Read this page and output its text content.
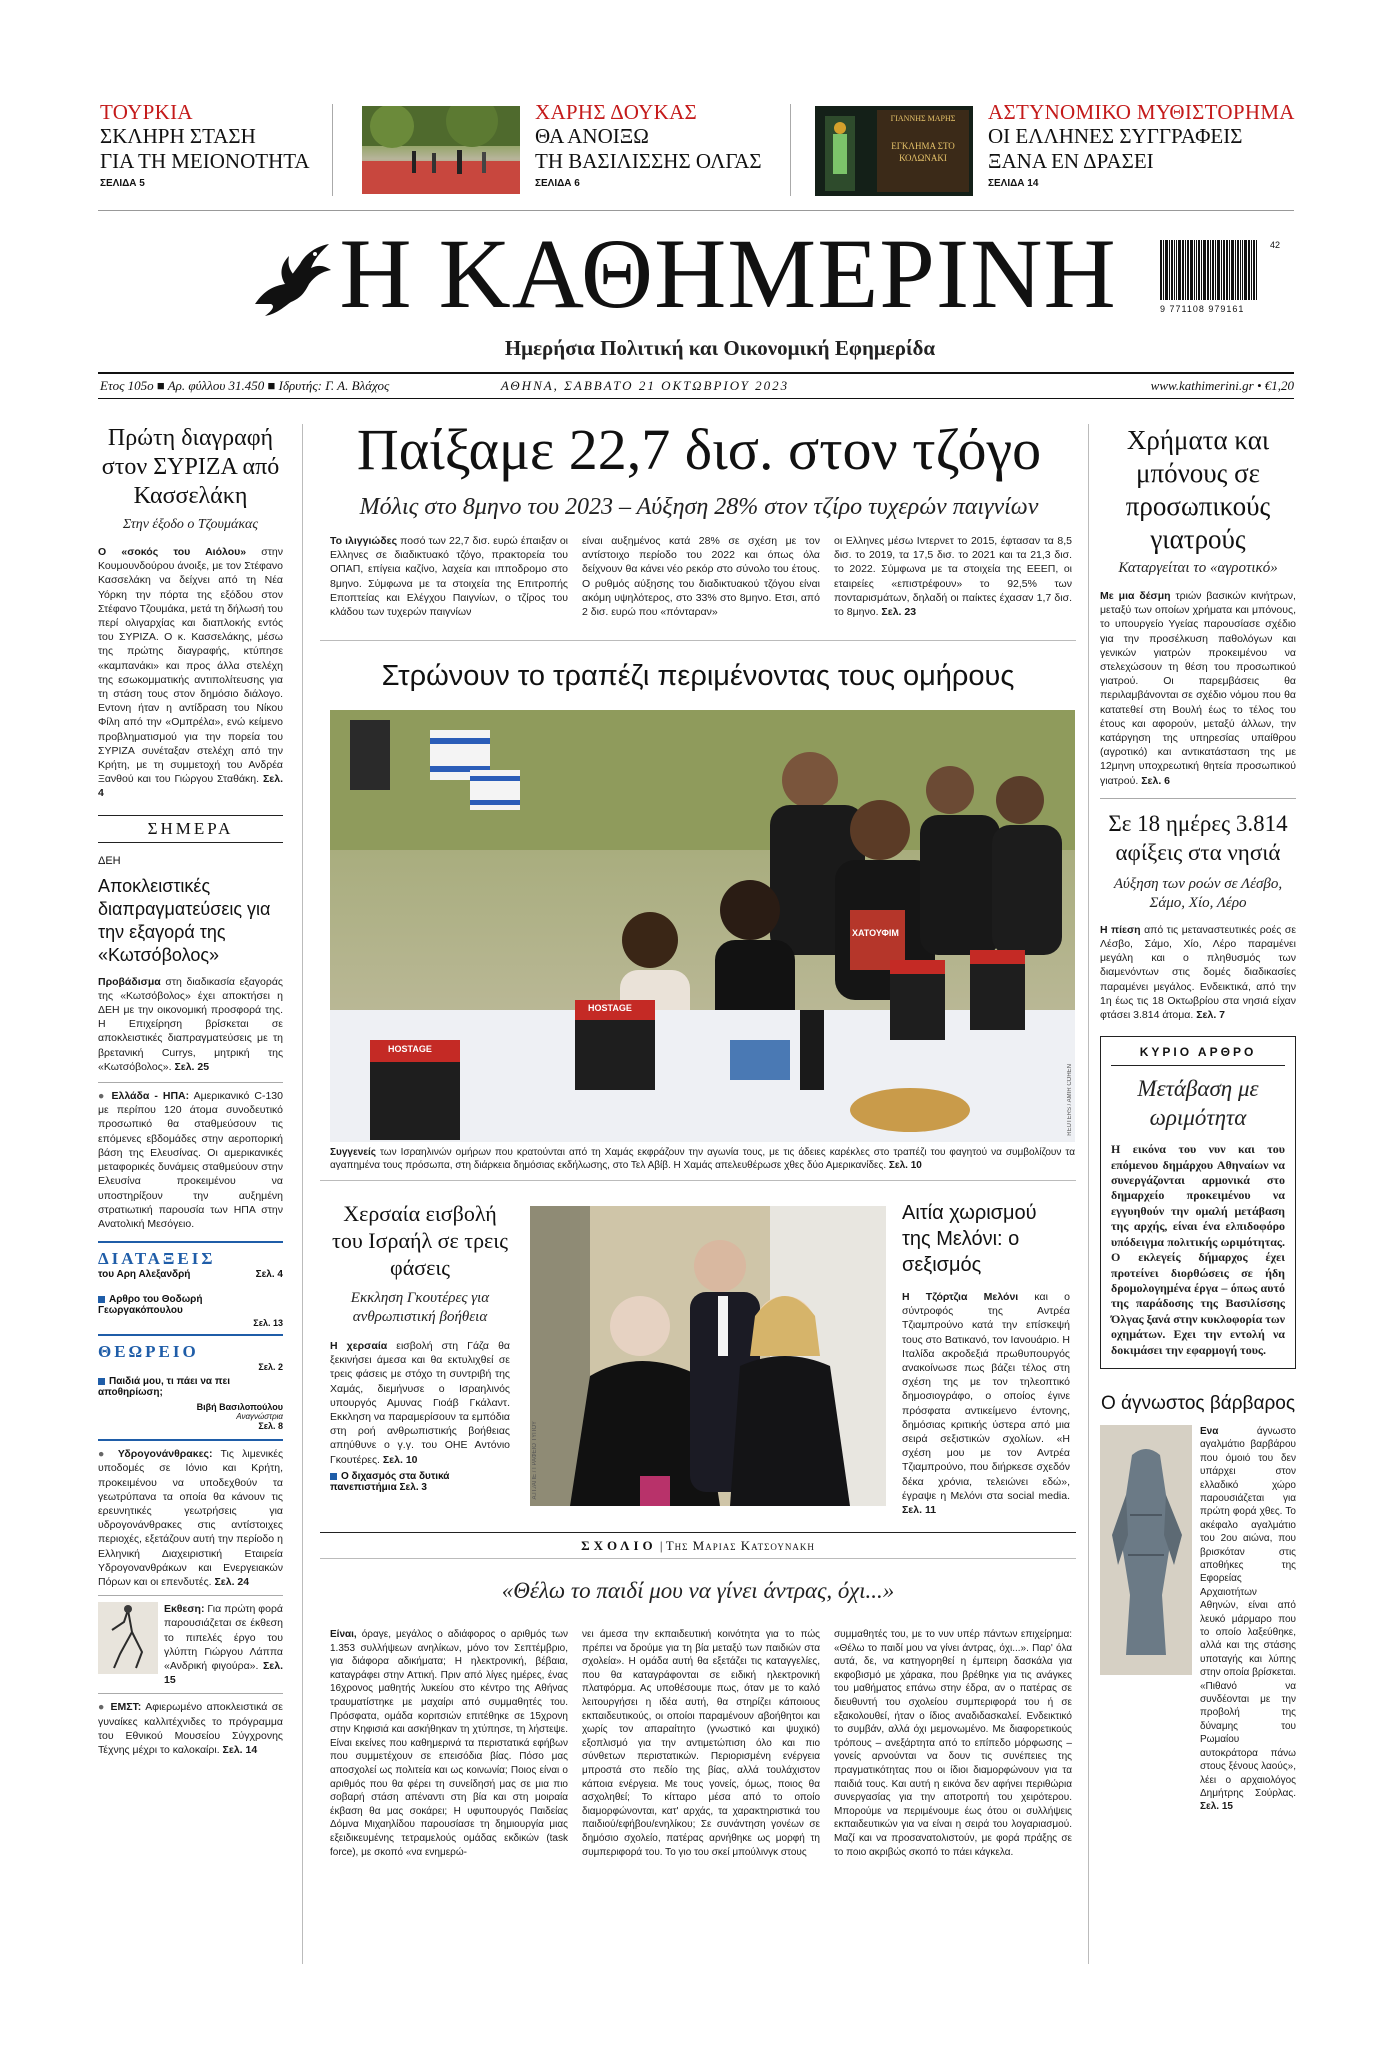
ΤΟΥΡΚΙΑ
ΣΚΛΗΡΗ ΣΤΑΣΗ
ΓΙΑ ΤΗ ΜΕΙΟΝΟΤΗΤΑ
ΣΕΛΙΔΑ 5
ΧΑΡΗΣ ΔΟΥΚΑΣ
ΘΑ ΑΝΟΙΞΩ
ΤΗ ΒΑΣΙΛΙΣΣΗΣ ΟΛΓΑΣ
ΣΕΛΙΔΑ 6
ΓΙΑΝΝΗΣ ΜΑΡΗΣ
ΕΓΚΛΗΜΑ ΣΤΟ ΚΟΛΩΝΑΚΙ
ΑΣΤΥΝΟΜΙΚΟ ΜΥΘΙΣΤΟΡΗΜΑ
ΟΙ ΕΛΛΗΝΕΣ ΣΥΓΓΡΑΦΕΙΣ
ΞΑΝΑ ΕΝ ΔΡΑΣΕΙ
ΣΕΛΙΔΑ 14
Η ΚΑΘΗΜΕΡΙΝΗ
Ημερήσια Πολιτική και Οικονομική Εφημερίδα
42
9 771108 979161
Ετος 105ο ■ Αρ. φύλλου 31.450 ■ Ιδρυτής: Γ. Α. Βλάχος	ΑΘΗΝΑ, ΣΑΒΒΑΤΟ 21 ΟΚΤΩΒΡΙΟΥ 2023	www.kathimerini.gr • €1,20
Πρώτη διαγραφή στον ΣΥΡΙΖΑ από Κασσελάκη
Στην έξοδο ο Τζουμάκας
Ο «σοκός του Αιόλου» στην Κουμουνδούρου άνοιξε, με τον Στέφανο Κασσελάκη να δείχνει από τη Νέα Υόρκη την πόρτα της εξόδου στον Στέφανο Τζουμάκα, μετά τη δήλωσή του περί ολιγαρχίας και διαπλοκής εντός του ΣΥΡΙΖΑ. Ο κ. Κασσελάκης, μέσω της πρώτης διαγραφής, κτύπησε «καμπανάκι» και προς άλλα στελέχη της εσωκομματικής αντιπολίτευσης για τη στάση τους στον δημόσιο διάλογο. Εντονη ήταν η αντίδραση του Νίκου Φίλη από την «Ομπρέλα», ενώ κείμενο προβληματισμού για την πορεία του ΣΥΡΙΖΑ συνέταξαν στελέχη από την Κρήτη, με τη συμμετοχή του Ανδρέα Ξανθού και του Γιώργου Σταθάκη. Σελ. 4
ΣΗΜΕΡΑ
ΔΕΗ
Αποκλειστικές διαπραγματεύσεις για την εξαγορά της «Κωτσόβολος»
Προβάδισμα στη διαδικασία εξαγοράς της «Κωτσόβολος» έχει αποκτήσει η ΔΕΗ με την οικονομική προσφορά της. Η Επιχείρηση βρίσκεται σε αποκλειστικές διαπραγματεύσεις με τη βρετανική Currys, μητρική της «Κωτσόβολος». Σελ. 25
● Ελλάδα - ΗΠΑ: Αμερικανικό C-130 με περίπου 120 άτομα συνοδευτικό προσωπικό θα σταθμεύσουν τις επόμενες εβδομάδες στην αεροπορική βάση της Ελευσίνας. Οι αμερικανικές μεταφορικές δυνάμεις σταθμεύουν στην Ελευσίνα προκειμένου να υποστηρίξουν την αυξημένη στρατιωτική παρουσία των ΗΠΑ στην Ανατολική Μεσόγειο.
ΔΙΑΤΑΞΕΙΣ
του Αρη Αλεξανδρή	Σελ. 4
Αρθρο του Θοδωρή Γεωργακόπουλου
Σελ. 13
ΘΕΩΡΕΙΟ
Σελ. 2
Παιδιά μου, τι πάει να πει αποθηρίωση;
Βιβή Βασιλοπούλου
Αναγνώστρια
Σελ. 8
● Υδρογονάνθρακες: Τις λιμενικές υποδομές σε Ιόνιο και Κρήτη, προκειμένου να υποδεχθούν τα γεωτρύπανα τα οποία θα κάνουν τις ερευνητικές γεωτρήσεις για υδρογονάνθρακες στις αντίστοιχες περιοχές, εξετάζουν αυτή την περίοδο η Ελληνική Διαχειριστική Εταιρεία Υδρογονανθράκων και Ενεργειακών Πόρων και οι επενδυτές. Σελ. 24
Εκθεση: Για πρώτη φορά παρουσιάζεται σε έκθεση το πιπελές έργο του γλύπτη Γιώργου Λάππα «Ανδρική φιγούρα». Σελ. 15
● ΕΜΣΤ: Αφιερωμένο αποκλειστικά σε γυναίκες καλλιτέχνιδες το πρόγραμμα του Εθνικού Μουσείου Σύγχρονης Τέχνης μέχρι το καλοκαίρι. Σελ. 14
Παίξαμε 22,7 δισ. στον τζόγο
Μόλις στο 8μηνο του 2023 – Αύξηση 28% στον τζίρο τυχερών παιγνίων
Το ιλιγγιώδες ποσό των 22,7 δισ. ευρώ έπαιξαν οι Ελληνες σε διαδικτυακό τζόγο, πρακτορεία του ΟΠΑΠ, επίγεια καζίνο, λαχεία και ιπποδρομο στο 8μηνο. Σύμφωνα με τα στοιχεία της Επιτροπής Εποπτείας και Ελέγχου Παιγνίων, ο τζίρος του κλάδου των τυχερών παιγνίων
είναι αυξημένος κατά 28% σε σχέση με τον αντίστοιχο περίοδο του 2022 και όπως όλα δείχνουν θα κάνει νέο ρεκόρ στο σύνολο του έτους. Ο ρυθμός αύξησης του διαδικτυακού τζόγου είναι ακόμη υψηλότερος, στο 33% στο 8μηνο. Ετσι, από 2 δισ. ευρώ που «πόνταραν»
οι Ελληνες μέσω Ιντερνετ το 2015, έφτασαν τα 8,5 δισ. το 2019, τα 17,5 δισ. το 2021 και τα 21,3 δισ. το 2022. Σύμφωνα με τα στοιχεία της ΕΕΕΠ, οι εταιρείες «επιστρέφουν» το 92,5% των πονταρισμάτων, δηλαδή οι παίκτες έχασαν 1,7 δισ. το 8μηνο. Σελ. 23
Στρώνουν το τραπέζι περιμένοντας τους ομήρους
HOSTAGE
HOSTAGE
ΧΑΤΟΥΦΙΜ
REUTERS / AMIR COHEN
Συγγενείς των Ισραηλινών ομήρων που κρατούνται από τη Χαμάς εκφράζουν την αγωνία τους, με τις άδειες καρέκλες στο τραπέζι του φαγητού να συμβολίζουν τα αγαπημένα τους πρόσωπα, στη διάρκεια δημόσιας εκδήλωσης, στο Τελ Αβίβ. Η Χαμάς απελευθέρωσε χθες δύο Αμερικανίδες. Σελ. 10
Χερσαία εισβολή του Ισραήλ σε τρεις φάσεις
Εκκληση Γκουτέρες για ανθρωπιστική βοήθεια
Η χερσαία εισβολή στη Γάζα θα ξεκινήσει άμεσα και θα εκτυλιχθεί σε τρεις φάσεις με στόχο τη συντριβή της Χαμάς, διεμήνυσε ο Ισραηλινός υπουργός Αμυνας Γιοάβ Γκάλαντ. Εκκληση να παραμερίσουν τα εμπόδια στη ροή ανθρωπιστικής βοήθειας απηύθυνε ο γ.γ. του ΟΗΕ Αντόνιο Γκουτέρες. Σελ. 10
Ο διχασμός στα δυτικά πανεπιστήμια Σελ. 3	Α.Π./ΑΠΕ / ΓΡΑΦΕΙΟ ΤΥΠΟΥ
Αιτία χωρισμού της Μελόνι: ο σεξισμός
Η Τζόρτζια Μελόνι και ο σύντροφός της Αντρέα Τζιαμπρούνο κατά την επίσκεψή τους στο Βατικανό, τον Ιανουάριο. Η Ιταλίδα ακροδεξιά πρωθυπουργός ανακοίνωσε πως βάζει τέλος στη σχέση της με τον τηλεοπτικό δημοσιογράφο, ο οποίος έγινε πρόσφατα αντικείμενο έντονης, δημόσιας κριτικής ύστερα από μια σειρά σεξιστικών σχολίων. «Η σχέση μου με τον Αντρέα Τζιαμπρούνο, που διήρκεσε σχεδόν δέκα χρόνια, τελειώνει εδώ», έγραψε η Μελόνι στα social media. Σελ. 11
Χρήματα και μπόνους σε προσωπικούς γιατρούς
Καταργείται το «αγροτικό»
Με μια δέσμη τριών βασικών κινήτρων, μεταξύ των οποίων χρήματα και μπόνους, το υπουργείο Υγείας παρουσίασε σχέδιο για την προσέλκυση παθολόγων και γενικών γιατρών προκειμένου να στελεχώσουν τη θέση του προσωπικού γιατρού. Οι παρεμβάσεις θα περιλαμβάνονται σε σχέδιο νόμου που θα κατατεθεί στη Βουλή έως το τέλος του έτους και αφορούν, μεταξύ άλλων, την κατάργηση της υπηρεσίας υπαίθρου (αγροτικό) και αντικατάσταση της με 12μηνη υποχρεωτική θητεία προσωπικού γιατρού. Σελ. 6
Σε 18 ημέρες 3.814 αφίξεις στα νησιά
Αύξηση των ροών σε Λέσβο, Σάμο, Χίο, Λέρο
Η πίεση από τις μεταναστευτικές ροές σε Λέσβο, Σάμο, Χίο, Λέρο παραμένει μεγάλη και ο πληθυσμός των διαμενόντων στις δομές διαδικασίες παραμένει μεγάλος. Ενδεικτικά, από την 1η έως τις 18 Οκτωβρίου στα νησιά είχαν φτάσει 3.814 άτομα. Σελ. 7
ΚΥΡΙΟ ΑΡΘΡΟ
Μετάβαση με ωριμότητα
Η εικόνα του νυν και του επόμενου δημάρχου Αθηναίων να συνεργάζονται αρμονικά στο δημαρχείο προκειμένου να εγγυηθούν την ομαλή μετάβαση της αρχής, είναι ένα ελπιδοφόρο υπόδειγμα πολιτικής ωριμότητας. Ο εκλεγείς δήμαρχος έχει προτείνει διορθώσεις σε ήδη δρομολογημένα έργα – όπως αυτό της παράδοσης της Βασιλίσσης Όλγας ξανά στην κυκλοφορία των οχημάτων. Εχει την εντολή να δοκιμάσει την εφαρμογή τους.
Ο άγνωστος βάρβαρος
Ενα άγνωστο αγαλμάτιο βαρβάρου που όμοιό του δεν υπάρχει στον ελλαδικό χώρο παρουσιάζεται για πρώτη φορά χθες. Το ακέφαλο αγαλμάτιο του 2ου αιώνα, που βρισκόταν στις αποθήκες της Εφορείας Αρχαιοτήτων Αθηνών, είναι από λευκό μάρμαρο που το οποίο λαξεύθηκε, αλλά και της στάσης υποταγής και λύπης στην οποία βρίσκεται. «Πιθανό να συνδέονται με την προβολή της δύναμης του Ρωμαίου αυτοκράτορα πάνω στους ξένους λαούς», λέει ο αρχαιολόγος Δημήτρης Σούρλας. Σελ. 15
ΣΧΟΛΙΟ | Της Μαριας Κατσουνακη
«Θέλω το παιδί μου να γίνει άντρας, όχι...»
Είναι, όραγε, μεγάλος ο αδιάφορος ο αριθμός των 1.353 συλλήψεων ανηλίκων, μόνο τον Σεπτέμβριο, για διάφορα αδικήματα; Η ηλεκτρονική, βέβαια, καταγράφει στην Αττική. Πριν από λίγες ημέρες, ένας 16χρονος μαθητής λυκείου στο κέντρο της Αθήνας τραυματίστηκε με μαχαίρι από συμμαθητές του. Πρόσφατα, ομάδα κοριτσιών επιτέθηκε σε 15χρονη στην Κηφισιά και ασκήθηκαν τη χτύπησε, τη λήστεψε. Είναι εκείνες που καθημερινά τα περιστατικά εφήβων που συμμετέχουν σε επεισόδια βίας. Πόσο μας αποσχολεί ως πολιτεία και ως κοινωνία; Ποιος είναι ο αριθμός που θα φέρει τη συνείδησή μας σε μια πιο σοβαρή στάση απέναντι στη βία και στη μοιραία έκβαση θα μας σοκάρει; Η υφυπουργός Παιδείας Δόμνα Μιχαηλίδου παρουσίασε τη δημιουργία μιας εξειδικευμένης τετραμελούς ομάδας εκδικών (task force), με σκοπό «να ενημερώ-
νει άμεσα την εκπαιδευτική κοινότητα για το πώς πρέπει να δρούμε για τη βία μεταξύ των παιδιών στα σχολεία». Η ομάδα αυτή θα εξετάζει τις καταγγελίες, που θα καταγράφονται σε ειδική ηλεκτρονική πλατφόρμα. Ας υποθέσουμε πως, όταν με το καλό λειτουργήσει η ιδέα αυτή, θα στηρίζει κάποιους εκπαιδευτικούς, οι οποίοι παραμένουν αβοήθητοι και χωρίς τον απαραίτητο (γνωστικό και ψυχικό) εξοπλισμό για την αντιμετώπιση όλο και πιο σύνθετων περιστατικών. Περιορισμένη ενέργεια μπροστά στο πεδίο της βίας, αλλά τουλάχιστον κάποια ενέργεια. Με τους γονείς, όμως, ποιος θα ασχοληθεί; Το κίτταρο μέσα από το οποίο διαμορφώνονται, κατ' αρχάς, τα χαρακτηριστικά του παιδιού/εφήβου/ενηλίκου; Σε συνάντηση γονέων σε δημόσιο σχολείο, πατέρας αρνήθηκε ως μορφή τη συμπεριφορά του. Το γιο του σκεί μπούλινγκ στους
συμμαθητές του, με το νυν υπέρ πάντων επιχείρημα: «Θέλω το παιδί μου να γίνει άντρας, όχι...». Παρ' όλα αυτά, δε, να κατηγορηθεί η έμπειρη δασκάλα για εκφοβισμό με χάρακα, που βρέθηκε για τις ανάγκες του μαθήματος επάνω στην έδρα, αν ο πατέρας σε διευθυντή του σχολείου συμπεριφορά του ή σε εξακολουθεί, ήταν ο ίδιος αναδιδασκαλεί. Ενδεικτικό το συμβάν, αλλά όχι μεμονωμένο. Με διαφορετικούς τρόπους – ανεξάρτητα από το επίπεδο μόρφωσης – γονείς αρνούνται να δουν τις συνέπειες της πραγματικότητας που οι ίδιοι διαμορφώνουν για τα παιδιά τους. Και αυτή η εικόνα δεν αφήνει περιθώρια συνεργασίας για την αποτροπή του χειρότερου. Μπορούμε να περιμένουμε έως ότου οι συλλήψεις εκπαιδευτικών για να είναι η σειρά του λογαριασμού. Μαζί και να προσανατολιστούν, με φορά πράξης σε το ποιο ακριβώς σκοπό το πάει κάγκελα.
